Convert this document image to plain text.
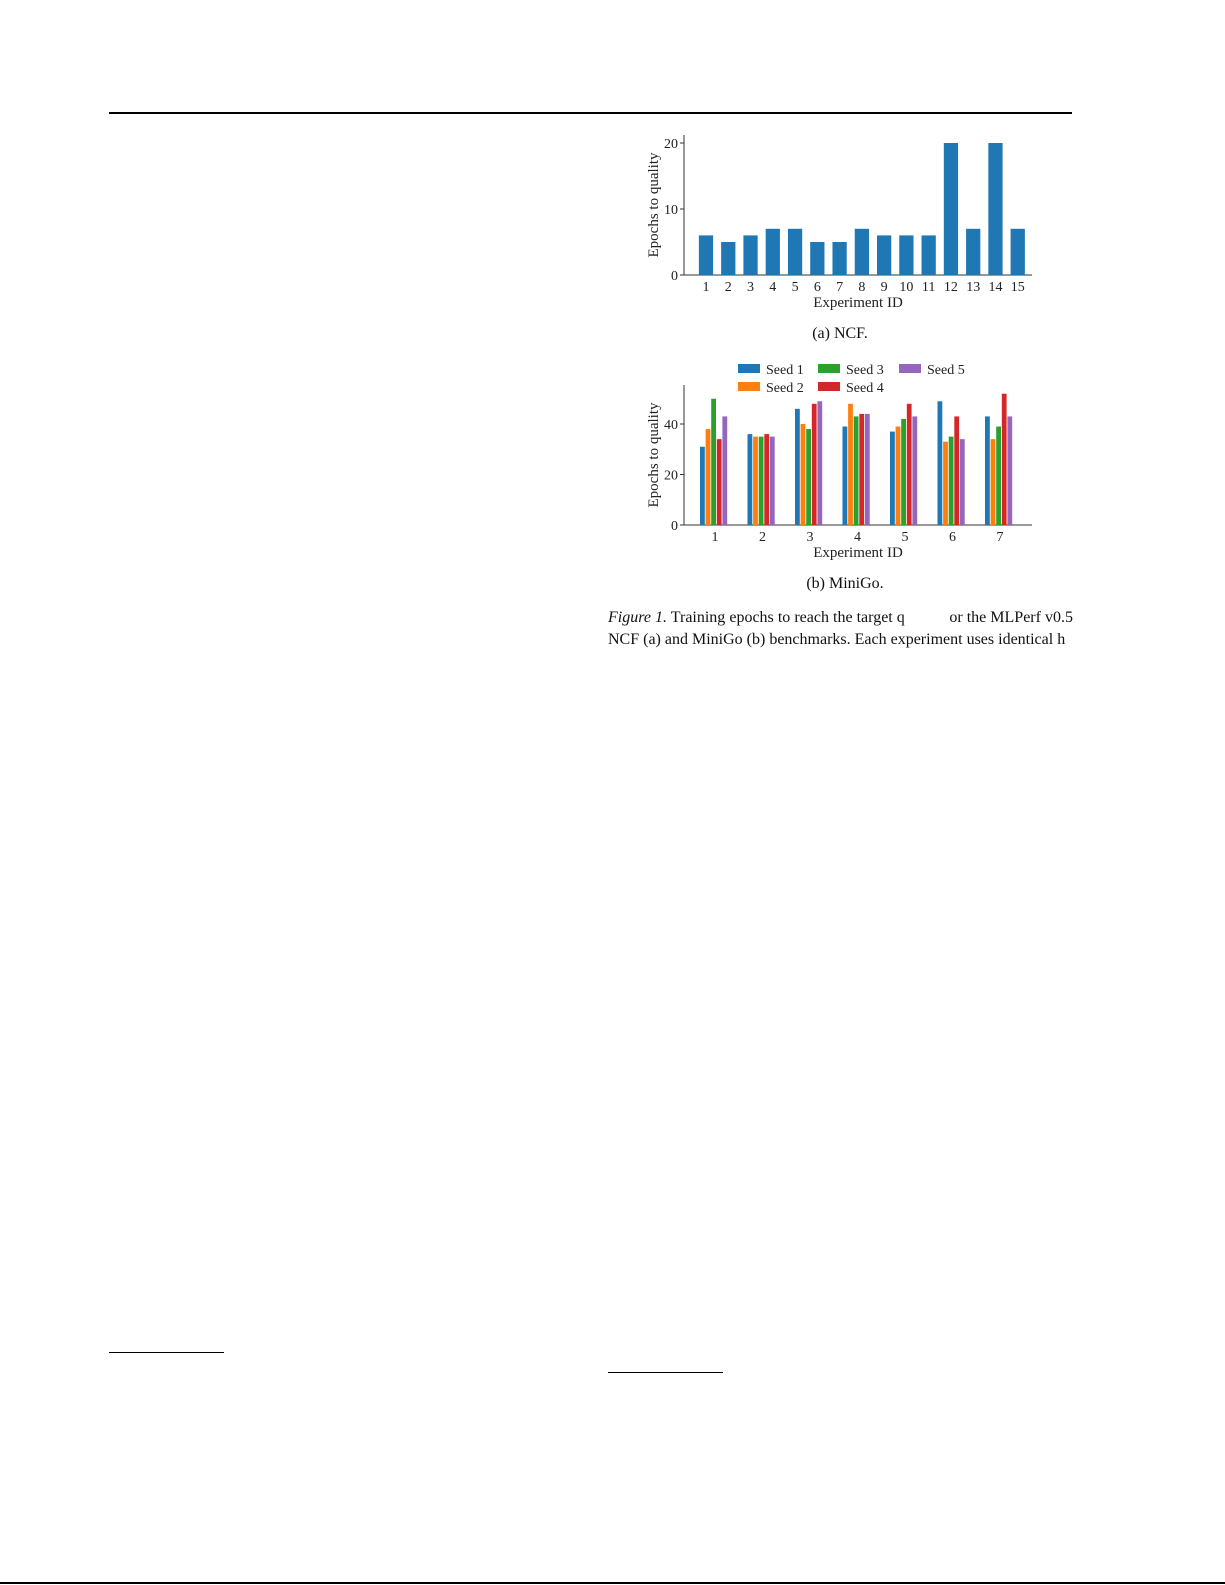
0
10
20
1 2 3 4 5 6 7 8 9 10 11 12 13 14 15
Experiment ID
Epochs to quality
(a) NCF.
0
20
40
1	2	3	4	5	6	7
Experiment ID
Epochs to quality
Seed 1
Seed 2
Seed 3
Seed 4
Seed 5
(b) MiniGo.
Figure 1. Training epochs to reach the target q           or the MLPerf v0.5 NCF (a) and MiniGo (b) benchmarks. Each experiment uses identical h
